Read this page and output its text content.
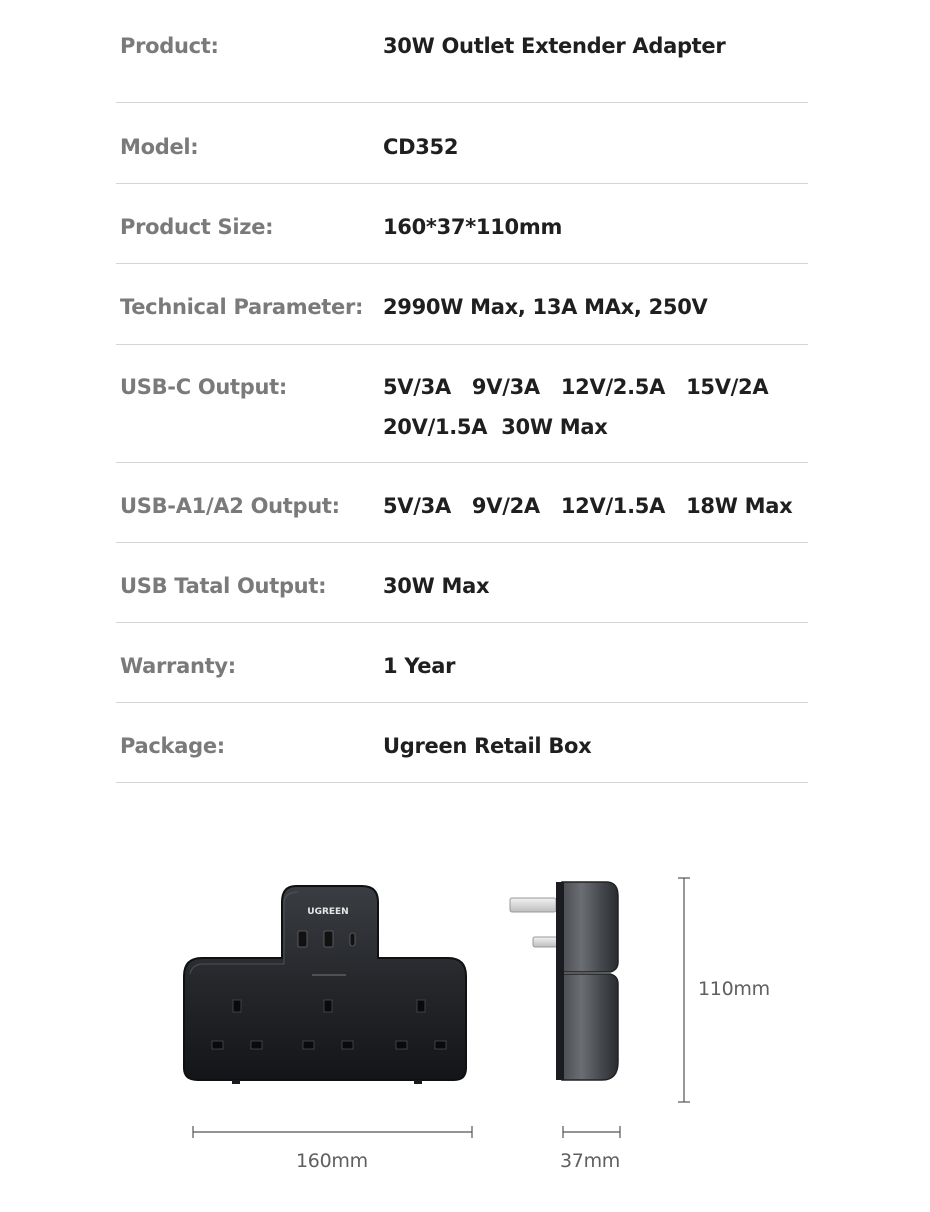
Product:	30W Outlet Extender Adapter
Model:	CD352
Product Size:	160*37*110mm
Technical Parameter: 2990W Max, 13A MAx, 250V
USB-C Output:	5V/3A   9V/3A   12V/2.5A   15V/2A
20V/1.5A  30W Max
USB-A1/A2 Output:	5V/3A   9V/2A   12V/1.5A   18W Max
USB Tatal Output:	30W Max
Warranty:	1 Year
Package:	Ugreen Retail Box
UGREEN
160mm	37mm
110mm
